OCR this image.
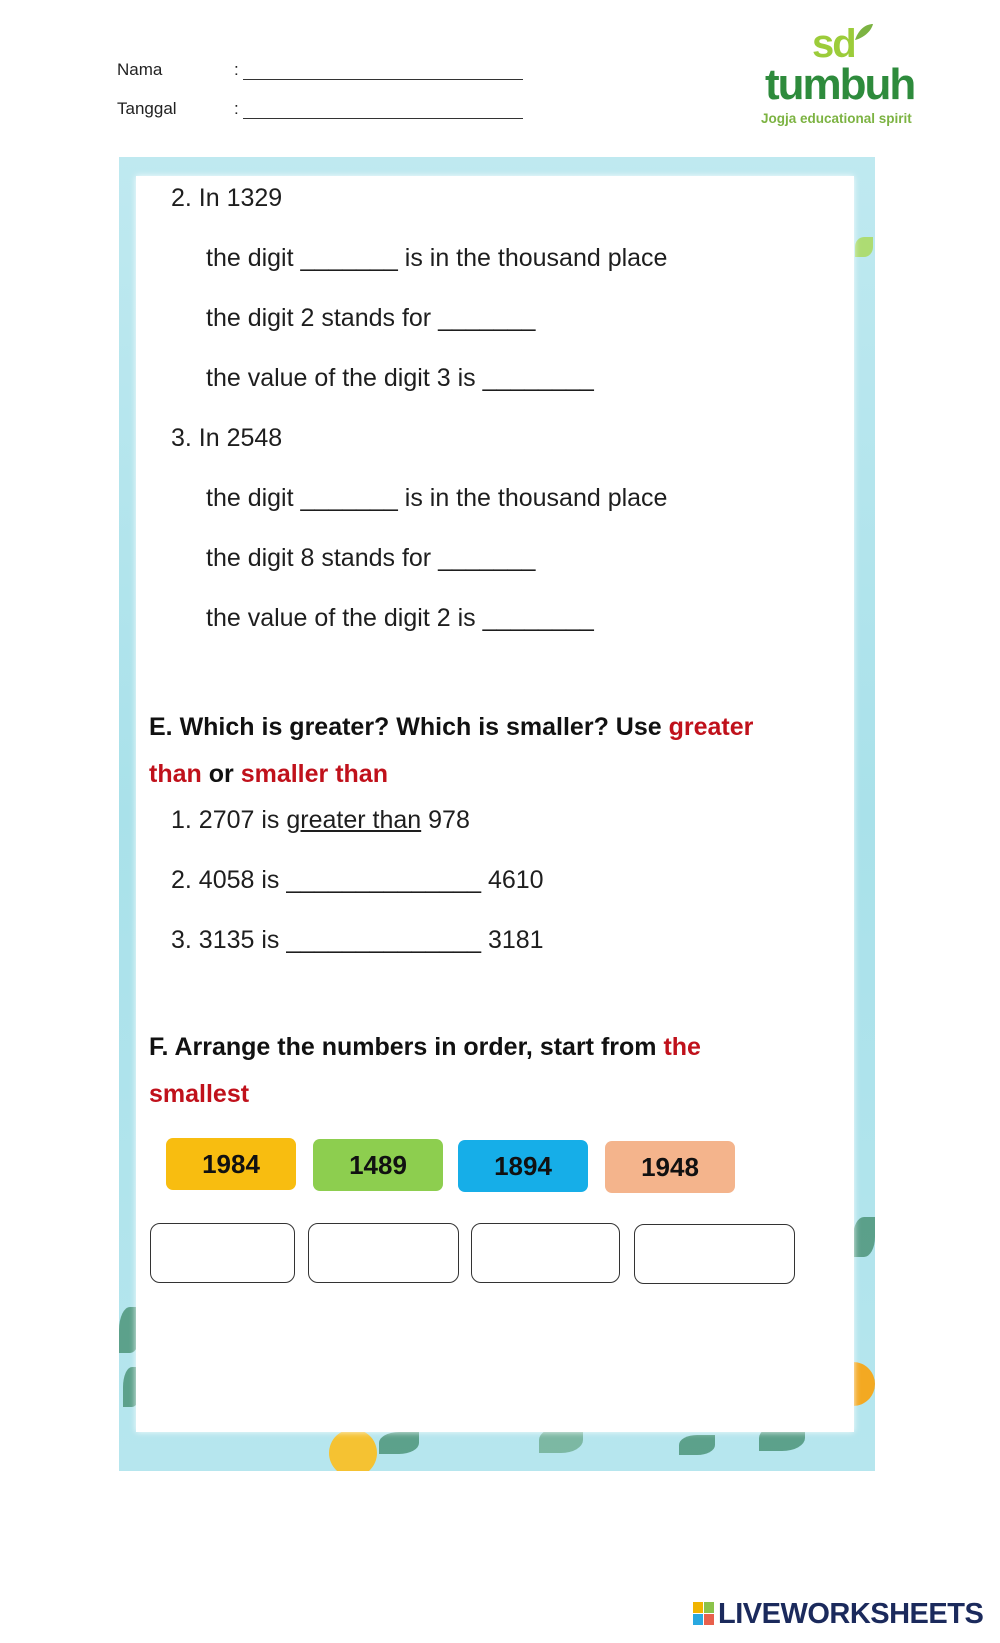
Nama	:
Tanggal	:
sd
tumbuh
Jogja educational spirit
2. In 1329
the digit _______ is in the thousand place
the digit 2 stands for _______
the value of the digit 3 is ________
3. In 2548
the digit _______ is in the thousand place
the digit 8 stands for _______
the value of the digit 2 is ________
E. Which is greater? Which is smaller? Use greater
than or smaller than
1. 2707 is greater than 978
2. 4058 is ______________ 4610
3. 3135 is ______________ 3181
F. Arrange the numbers in order, start from the
smallest
1984	1489	1894	1948
LIVEWORKSHEETS
